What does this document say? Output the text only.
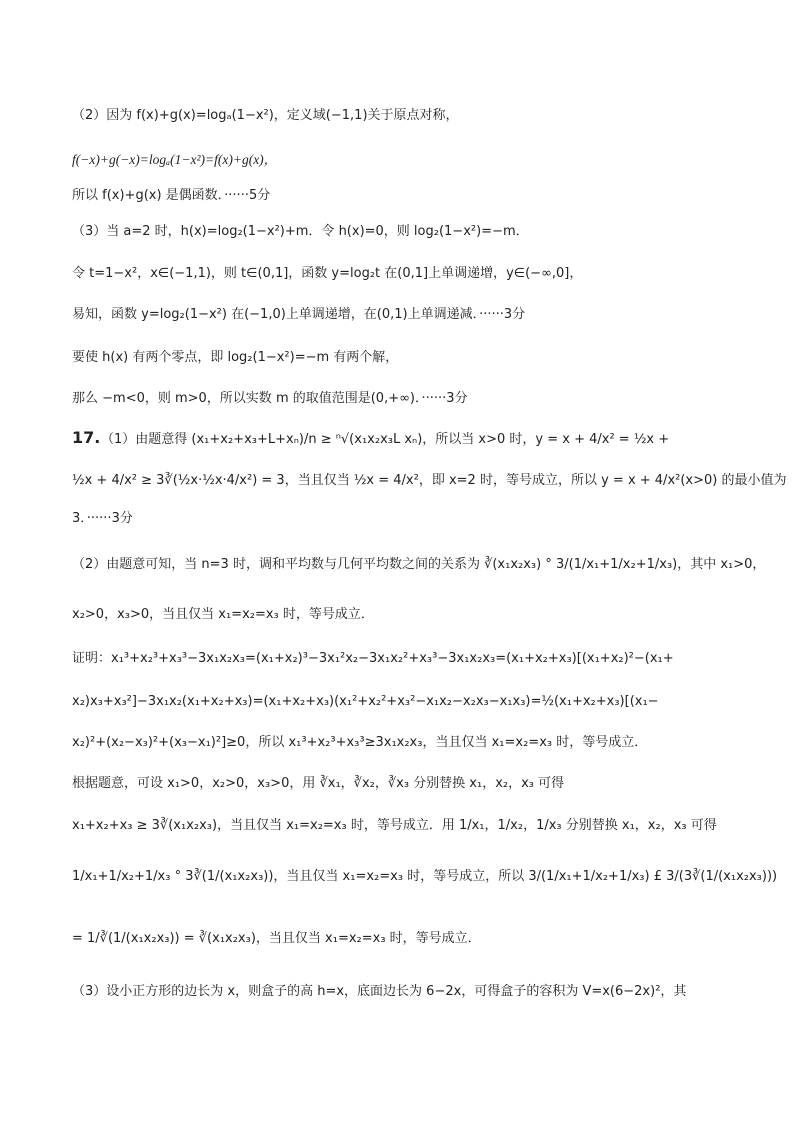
（2）因为 f(x)+g(x)=logₐ(1−x²)，定义域(−1,1)关于原点对称，
f(−x)+g(−x)=logₐ(1−x²)=f(x)+g(x)，
所以 f(x)+g(x) 是偶函数．······5分
（3）当 a=2 时，h(x)=log₂(1−x²)+m．令 h(x)=0，则 log₂(1−x²)=−m．
令 t=1−x²，x∈(−1,1)，则 t∈(0,1]，函数 y=log₂t 在(0,1]上单调递增，y∈(−∞,0]，
易知，函数 y=log₂(1−x²) 在(−1,0)上单调递增，在(0,1)上单调递减．······3分
要使 h(x) 有两个零点，即 log₂(1−x²)=−m 有两个解，
那么 −m<0，则 m>0，所以实数 m 的取值范围是(0,+∞)．······3分
17. （1）由题意得 (x₁+x₂+x₃+L+xₙ)/n ≥ ⁿ√(x₁x₂x₃L xₙ)，所以当 x>0 时，y = x + 4/x² = ½x +
½x + 4/x² ≥ 3∛(½x·½x·4/x²) = 3，当且仅当 ½x = 4/x²，即 x=2 时，等号成立，所以 y = x + 4/x²(x>0) 的最小值为
3．······3分
（2）由题意可知，当 n=3 时，调和平均数与几何平均数之间的关系为 ∛(x₁x₂x₃) ° 3/(1/x₁+1/x₂+1/x₃)，其中 x₁>0，
x₂>0，x₃>0，当且仅当 x₁=x₂=x₃ 时，等号成立．
证明：x₁³+x₂³+x₃³−3x₁x₂x₃=(x₁+x₂)³−3x₁²x₂−3x₁x₂²+x₃³−3x₁x₂x₃=(x₁+x₂+x₃)[(x₁+x₂)²−(x₁+
x₂)x₃+x₃²]−3x₁x₂(x₁+x₂+x₃)=(x₁+x₂+x₃)(x₁²+x₂²+x₃²−x₁x₂−x₂x₃−x₁x₃)=½(x₁+x₂+x₃)[(x₁−
x₂)²+(x₂−x₃)²+(x₃−x₁)²]≥0，所以 x₁³+x₂³+x₃³≥3x₁x₂x₃，当且仅当 x₁=x₂=x₃ 时，等号成立．
根据题意，可设 x₁>0，x₂>0，x₃>0，用 ∛x₁，∛x₂，∛x₃ 分别替换 x₁，x₂，x₃ 可得
x₁+x₂+x₃ ≥ 3∛(x₁x₂x₃)，当且仅当 x₁=x₂=x₃ 时，等号成立．用 1/x₁，1/x₂，1/x₃ 分别替换 x₁，x₂，x₃ 可得
1/x₁+1/x₂+1/x₃ ° 3∛(1/(x₁x₂x₃))，当且仅当 x₁=x₂=x₃ 时，等号成立，所以 3/(1/x₁+1/x₂+1/x₃) £ 3/(3∛(1/(x₁x₂x₃)))
= 1/∛(1/(x₁x₂x₃)) = ∛(x₁x₂x₃)，当且仅当 x₁=x₂=x₃ 时，等号成立．
（3）设小正方形的边长为 x，则盒子的高 h=x，底面边长为 6−2x，可得盒子的容积为 V=x(6−2x)²，其
